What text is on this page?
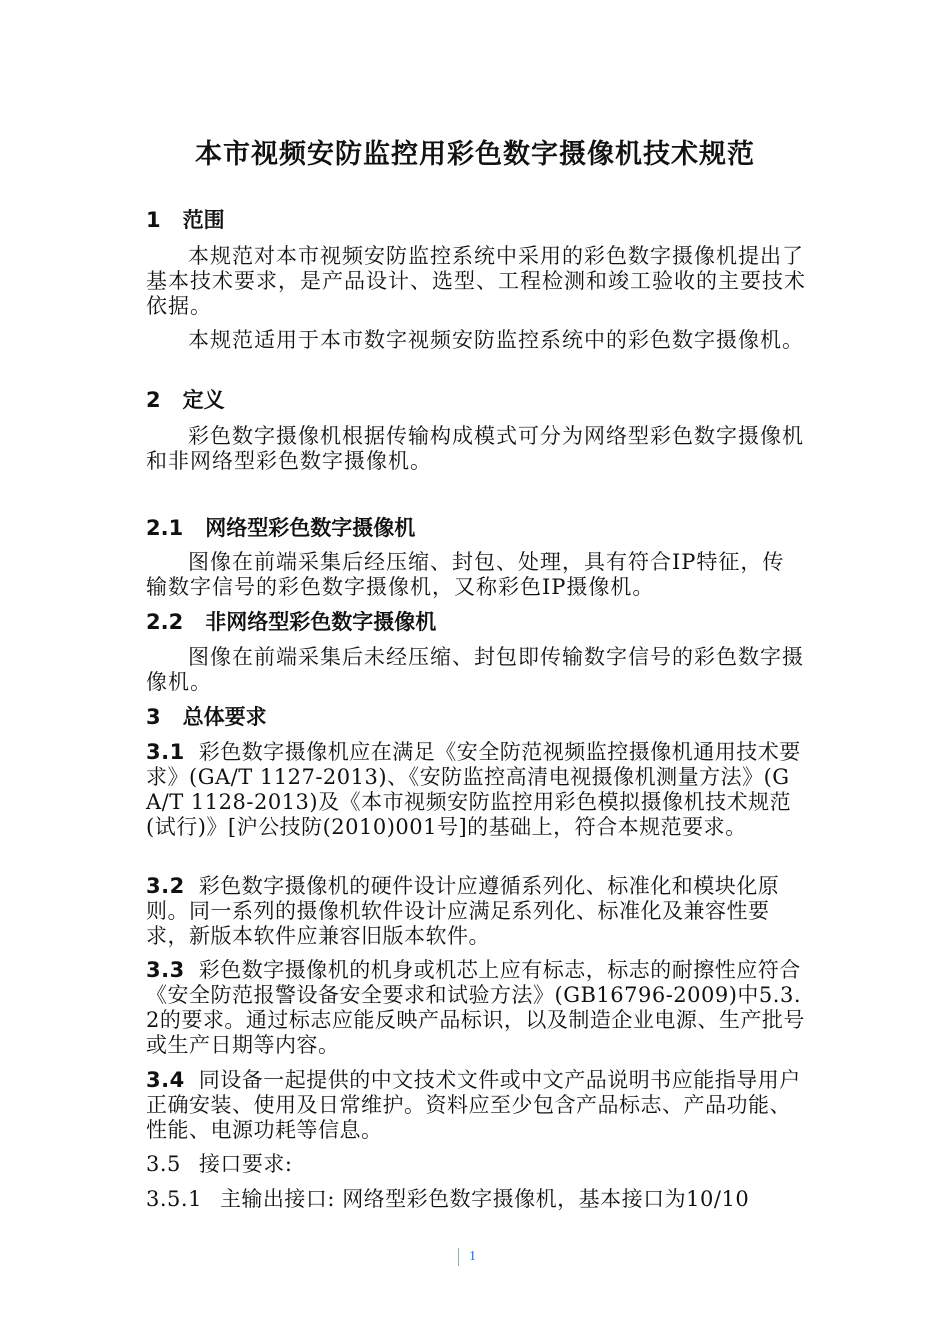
本市视频安防监控用彩色数字摄像机技术规范
1 范围
本规范对本市视频安防监控系统中采用的彩色数字摄像机提出了基本技术要求，是产品设计、选型、工程检测和竣工验收的主要技术依据。
本规范适用于本市数字视频安防监控系统中的彩色数字摄像机。
2 定义
彩色数字摄像机根据传输构成模式可分为网络型彩色数字摄像机和非网络型彩色数字摄像机。
2.1 网络型彩色数字摄像机
图像在前端采集后经压缩、封包、处理，具有符合IP特征，传输数字信号的彩色数字摄像机，又称彩色IP摄像机。
2.2 非网络型彩色数字摄像机
图像在前端采集后未经压缩、封包即传输数字信号的彩色数字摄像机。
3 总体要求
3.1 彩色数字摄像机应在满足《安全防范视频监控摄像机通用技术要求》(GA/T 1127-2013)、《安防监控高清电视摄像机测量方法》(GA/T 1128-2013)及《本市视频安防监控用彩色模拟摄像机技术规范(试行)》[沪公技防(2010)001号]的基础上，符合本规范要求。
3.2 彩色数字摄像机的硬件设计应遵循系列化、标准化和模块化原则。同一系列的摄像机软件设计应满足系列化、标准化及兼容性要求，新版本软件应兼容旧版本软件。
3.3 彩色数字摄像机的机身或机芯上应有标志，标志的耐擦性应符合《安全防范报警设备安全要求和试验方法》(GB16796-2009)中5.3.2的要求。通过标志应能反映产品标识，以及制造企业电源、生产批号或生产日期等内容。
3.4 同设备一起提供的中文技术文件或中文产品说明书应能指导用户正确安装、使用及日常维护。资料应至少包含产品标志、产品功能、性能、电源功耗等信息。
3.5 接口要求:
3.5.1 主输出接口: 网络型彩色数字摄像机，基本接口为10/10
1
